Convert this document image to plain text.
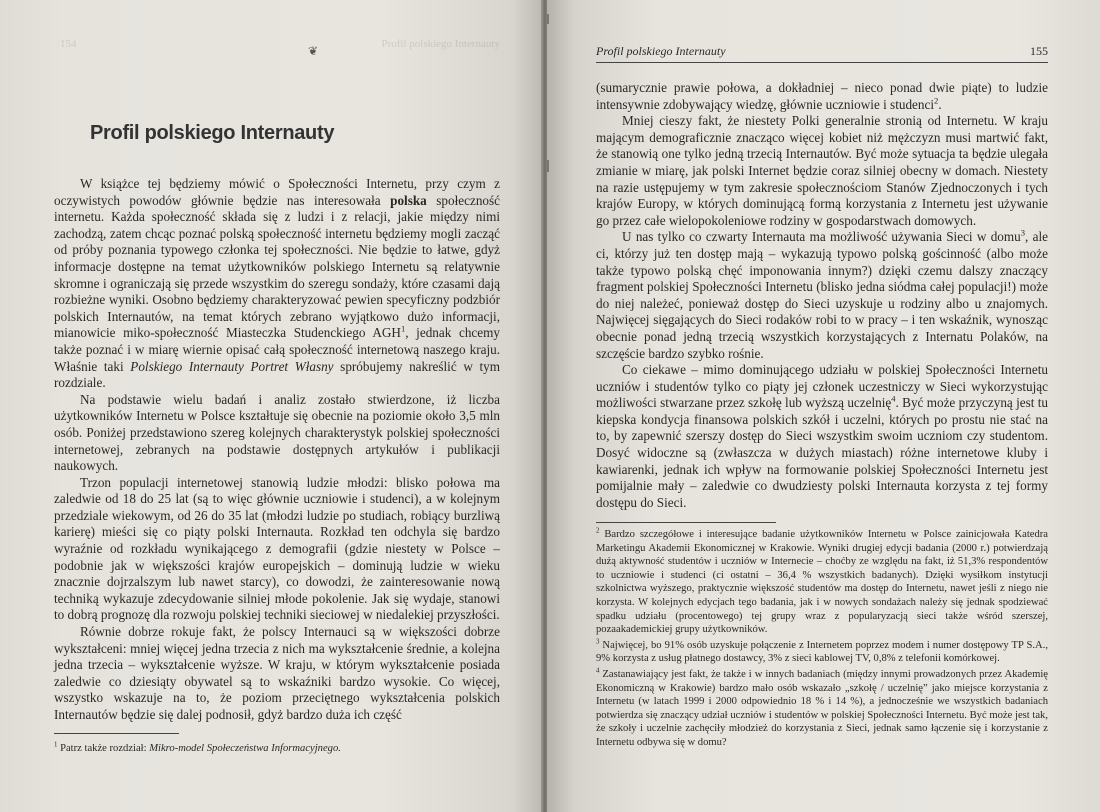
154	Profil polskiego Internauty
❦
Profil polskiego Internauty

W książce tej będziemy mówić o Społeczności Internetu, przy czym z oczywistych powodów głównie będzie nas interesowała polska społeczność internetu. Każda społeczność składa się z ludzi i z relacji, jakie między nimi zachodzą, zatem chcąc poznać polską społeczność internetu będziemy mogli zacząć od próby poznania typowego członka tej społeczności. Nie będzie to łatwe, gdyż informacje dostępne na temat użytkowników polskiego Internetu są relatywnie skromne i ograniczają się przede wszystkim do szeregu sondaży, które czasami dają rozbieżne wyniki. Osobno będziemy charakteryzować pewien specyficzny podzbiór polskich Internautów, na temat których zebrano wyjątkowo dużo informacji, mianowicie miko-społeczność Miasteczka Studenckiego AGH$^1$, jednak chcemy także poznać i w miarę wiernie opisać całą społeczność internetową naszego kraju. Właśnie taki Polskiego Internauty Portret Własny spróbujemy nakreślić w tym rozdziale.

Na podstawie wielu badań i analiz zostało stwierdzone, iż liczba użytkowników Internetu w Polsce kształtuje się obecnie na poziomie około 3,5 mln osób. Poniżej przedstawiono szereg kolejnych charakterystyk polskiej społeczności internetowej, zebranych na podstawie dostępnych artykułów i publikacji naukowych.

Trzon populacji internetowej stanowią ludzie młodzi: blisko połowa ma zaledwie od 18 do 25 lat (są to więc głównie uczniowie i studenci), a w kolejnym przedziale wiekowym, od 26 do 35 lat (młodzi ludzie po studiach, robiący burzliwą karierę) mieści się co piąty polski Internauta. Rozkład ten odchyla się bardzo wyraźnie od rozkładu wynikającego z demografii (gdzie niestety w Polsce – podobnie jak w większości krajów europejskich – dominują ludzie w wieku znacznie dojrzalszym lub nawet starcy), co dowodzi, że zainteresowanie nową techniką wykazuje zdecydowanie silniej młode pokolenie. Jak się wydaje, stanowi to dobrą prognozę dla rozwoju polskiej techniki sieciowej w niedalekiej przyszłości.

Równie dobrze rokuje fakt, że polscy Internauci są w większości dobrze wykształceni: mniej więcej jedna trzecia z nich ma wykształcenie średnie, a kolejna jedna trzecia – wykształcenie wyższe. W kraju, w którym wykształcenie posiada zaledwie co dziesiąty obywatel są to wskaźniki bardzo wysokie. Co więcej, wszystko wskazuje na to, że poziom przeciętnego wykształcenia polskich Internautów będzie się dalej podnosił, gdyż bardzo duża ich część

$^1$ Patrz także rozdział: Mikro-model Społeczeństwa Informacyjnego.

Profil polskiego Internauty	155

(sumarycznie prawie połowa, a dokładniej – nieco ponad dwie piąte) to ludzie intensywnie zdobywający wiedzę, głównie uczniowie i studenci$^2$.

Mniej cieszy fakt, że niestety Polki generalnie stronią od Internetu. W kraju mającym demograficznie znacząco więcej kobiet niż mężczyzn musi martwić fakt, że stanowią one tylko jedną trzecią Internautów. Być może sytuacja ta będzie ulegała zmianie w miarę, jak polski Internet będzie coraz silniej obecny w domach. Niestety na razie ustępujemy w tym zakresie społecznościom Stanów Zjednoczonych i tych krajów Europy, w których dominującą formą korzystania z Internetu jest używanie go przez całe wielopokoleniowe rodziny w gospodarstwach domowych.

U nas tylko co czwarty Internauta ma możliwość używania Sieci w domu$^3$, ale ci, którzy już ten dostęp mają – wykazują typowo polską gościnność (albo może także typowo polską chęć imponowania innym?) dzięki czemu dalszy znaczący fragment polskiej Społeczności Internetu (blisko jedna siódma całej populacji!) może do niej należeć, ponieważ dostęp do Sieci uzyskuje u rodziny albo u znajomych. Najwięcej sięgających do Sieci rodaków robi to w pracy – i ten wskaźnik, wynosząc obecnie ponad jedną trzecią wszystkich korzystających z Internatu Polaków, na szczęście bardzo szybko rośnie.

Co ciekawe – mimo dominującego udziału w polskiej Społeczności Internetu uczniów i studentów tylko co piąty jej członek uczestniczy w Sieci wykorzystując możliwości stwarzane przez szkołę lub wyższą uczelnię$^4$. Być może przyczyną jest tu kiepska kondycja finansowa polskich szkół i uczelni, których po prostu nie stać na to, by zapewnić szerszy dostęp do Sieci wszystkim swoim uczniom czy studentom. Dosyć widoczne są (zwłaszcza w dużych miastach) różne internetowe kluby i kawiarenki, jednak ich wpływ na formowanie polskiej Społeczności Internetu jest pomijalnie mały – zaledwie co dwudziesty polski Internauta korzysta z tej formy dostępu do Sieci.

$^2$ Bardzo szczegółowe i interesujące badanie użytkowników Internetu w Polsce zainicjowała Katedra Marketingu Akademii Ekonomicznej w Krakowie. Wyniki drugiej edycji badania (2000 r.) potwierdzają dużą aktywność studentów i uczniów w Internecie – choćby ze względu na fakt, iż 51,3% respondentów to uczniowie i studenci (ci ostatni – 36,4 % wszystkich badanych). Dzięki wysiłkom instytucji szkolnictwa wyższego, praktycznie większość studentów ma dostęp do Internetu, nawet jeśli z niego nie korzysta. W kolejnych edycjach tego badania, jak i w nowych sondażach należy się jednak spodziewać spadku udziału (procentowego) tej grupy wraz z popularyzacją sieci także wśród szerszej, pozaakademickiej grupy użytkowników.

$^3$ Najwięcej, bo 91% osób uzyskuje połączenie z Internetem poprzez modem i numer dostępowy TP S.A., 9% korzysta z usług płatnego dostawcy, 3% z sieci kablowej TV, 0,8% z telefonii komórkowej.

$^4$ Zastanawiający jest fakt, że także i w innych badaniach (między innymi prowadzonych przez Akademię Ekonomiczną w Krakowie) bardzo mało osób wskazało „szkołę / uczelnię” jako miejsce korzystania z Internetu (w latach 1999 i 2000 odpowiednio 18 % i 14 %), a jednocześnie we wszystkich badaniach potwierdza się znaczący udział uczniów i studentów w polskiej Społeczności Internetu. Być może jest tak, że szkoły i uczelnie zachęciły młodzież do korzystania z Sieci, jednak samo łączenie się i korzystanie z Internetu odbywa się w domu?
